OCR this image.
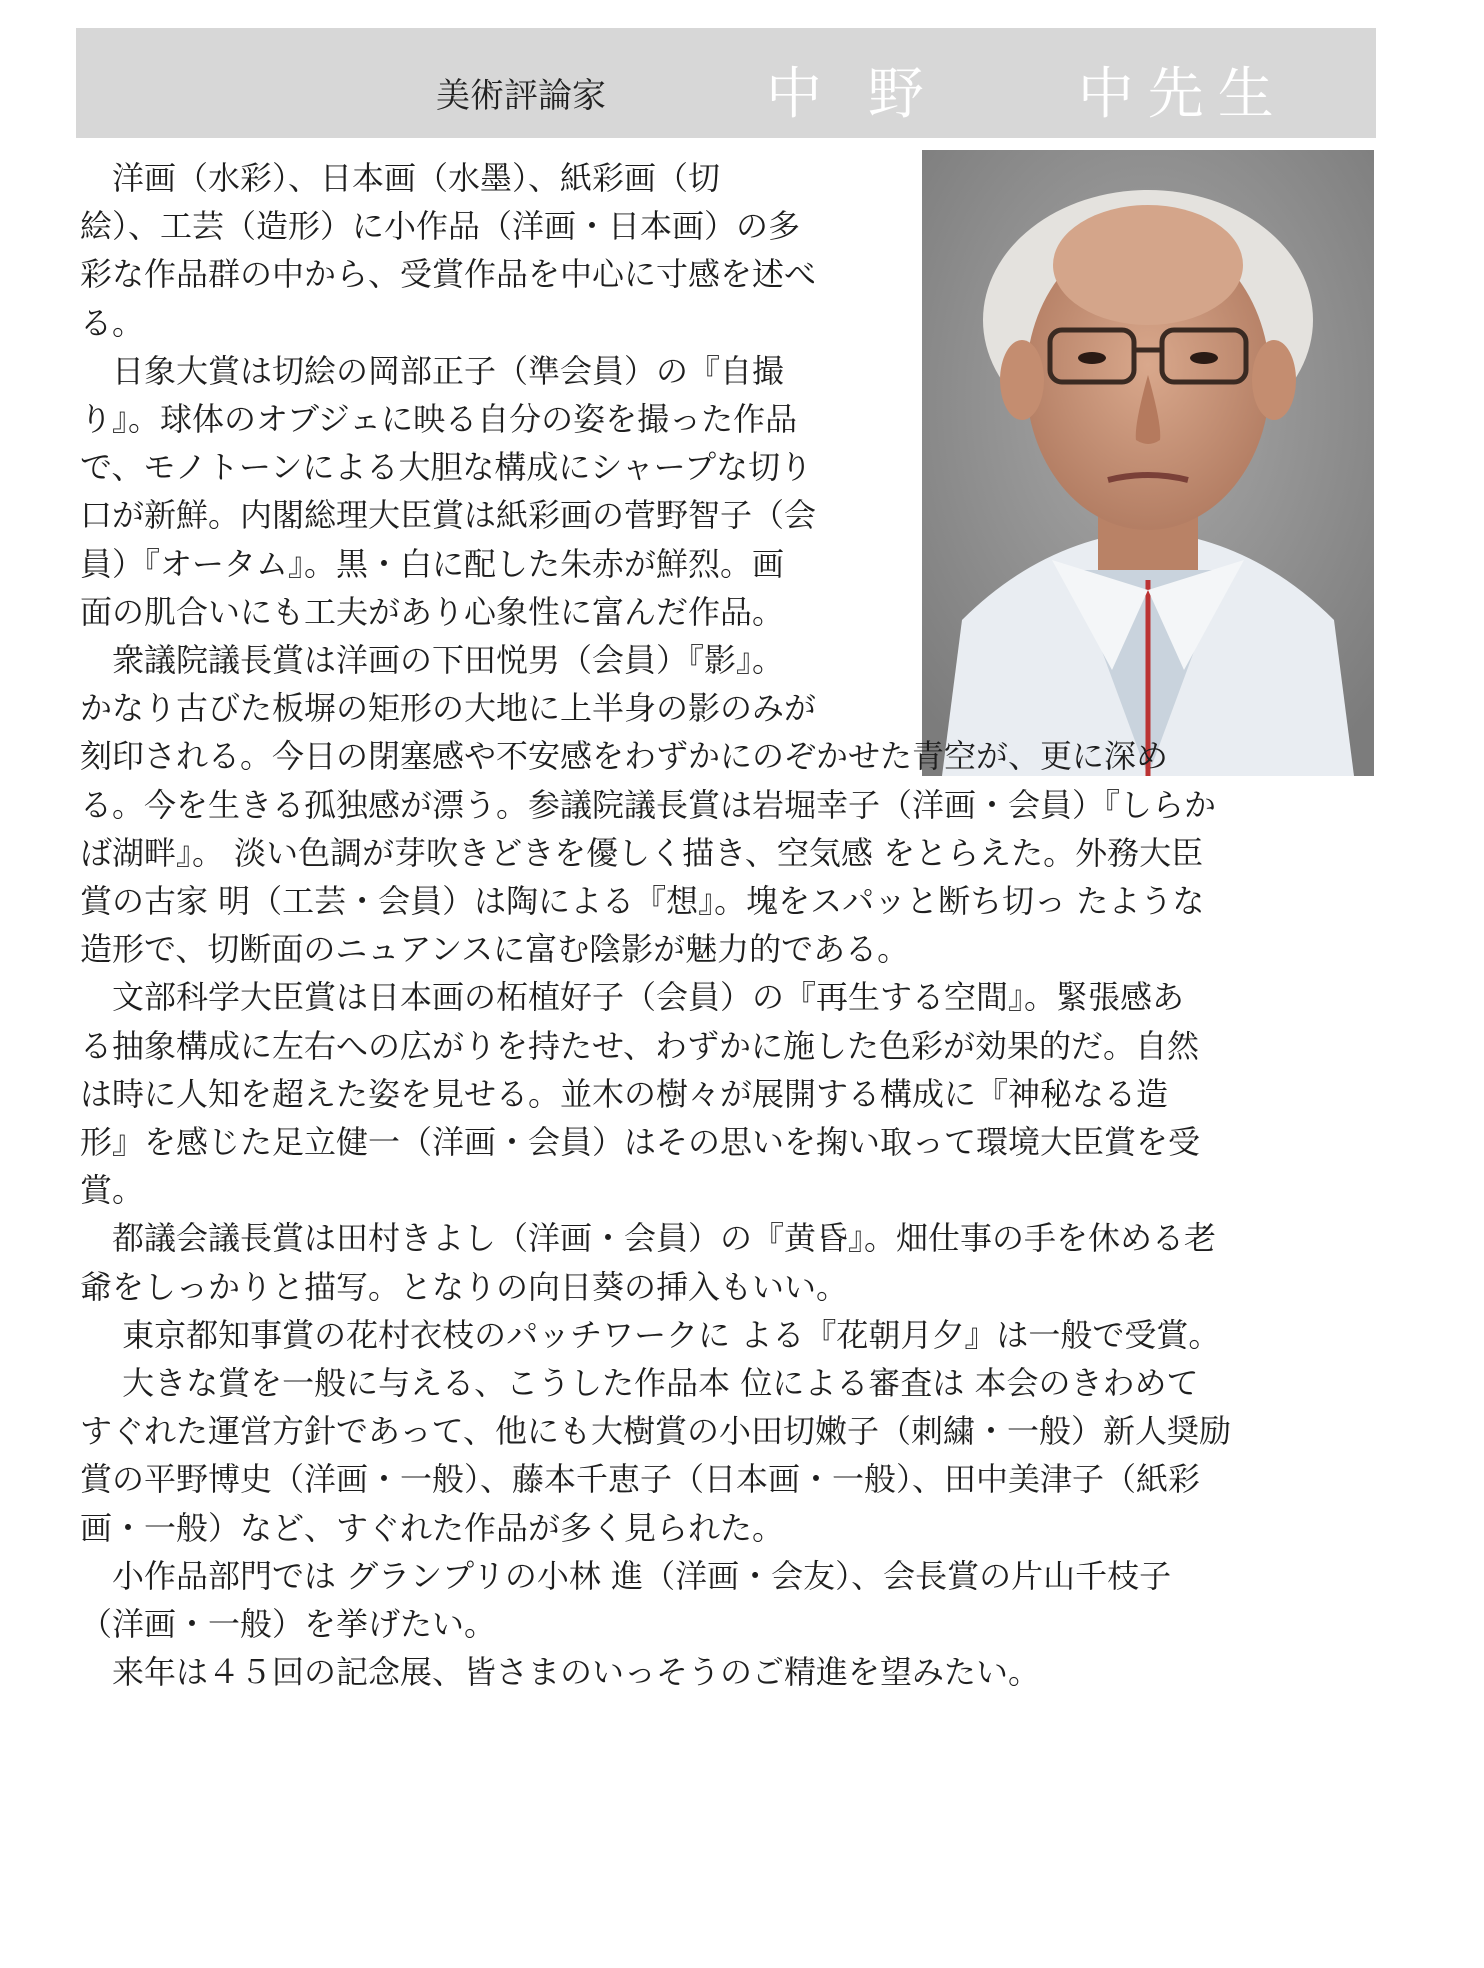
美術評論家	中 野　　中先生
　洋画（水彩）、日本画（水墨）、紙彩画（切
絵）、工芸（造形）に小作品（洋画・日本画）の多
彩な作品群の中から、受賞作品を中心に寸感を述べ
る。
　日象大賞は切絵の岡部正子（準会員）の『自撮
り』。球体のオブジェに映る自分の姿を撮った作品
で、モノトーンによる大胆な構成にシャープな切り
口が新鮮。内閣総理大臣賞は紙彩画の菅野智子（会
員）『オータム』。黒・白に配した朱赤が鮮烈。画
面の肌合いにも工夫があり心象性に富んだ作品。
　衆議院議長賞は洋画の下田悦男（会員）『影』。
かなり古びた板塀の矩形の大地に上半身の影のみが
刻印される。今日の閉塞感や不安感をわずかにのぞかせた青空が、更に深め
る。今を生きる孤独感が漂う。参議院議長賞は岩堀幸子（洋画・会員）『しらか
ば湖畔』。 淡い色調が芽吹きどきを優しく描き、空気感 をとらえた。外務大臣
賞の古家 明（工芸・会員）は陶による『想』。塊をスパッと断ち切っ たような
造形で、切断面のニュアンスに富む陰影が魅力的である。
　文部科学大臣賞は日本画の柘植好子（会員）の『再生する空間』。緊張感あ
る抽象構成に左右への広がりを持たせ、わずかに施した色彩が効果的だ。自然
は時に人知を超えた姿を見せる。並木の樹々が展開する構成に『神秘なる造
形』を感じた足立健一（洋画・会員）はその思いを掬い取って環境大臣賞を受
賞。
　都議会議長賞は田村きよし（洋画・会員）の『黄昏』。畑仕事の手を休める老
爺をしっかりと描写。となりの向日葵の挿入もいい。
　 東京都知事賞の花村衣枝のパッチワークに よる『花朝月夕』は一般で受賞。
　 大きな賞を一般に与える、こうした作品本 位による審査は 本会のきわめて
すぐれた運営方針であって、他にも大樹賞の小田切嫩子（刺繍・一般）新人奨励
賞の平野博史（洋画・一般）、藤本千恵子（日本画・一般）、田中美津子（紙彩
画・一般）など、すぐれた作品が多く見られた。
　小作品部門では グランプリの小林 進（洋画・会友）、会長賞の片山千枝子
（洋画・一般）を挙げたい。
　来年は４５回の記念展、皆さまのいっそうのご精進を望みたい。
